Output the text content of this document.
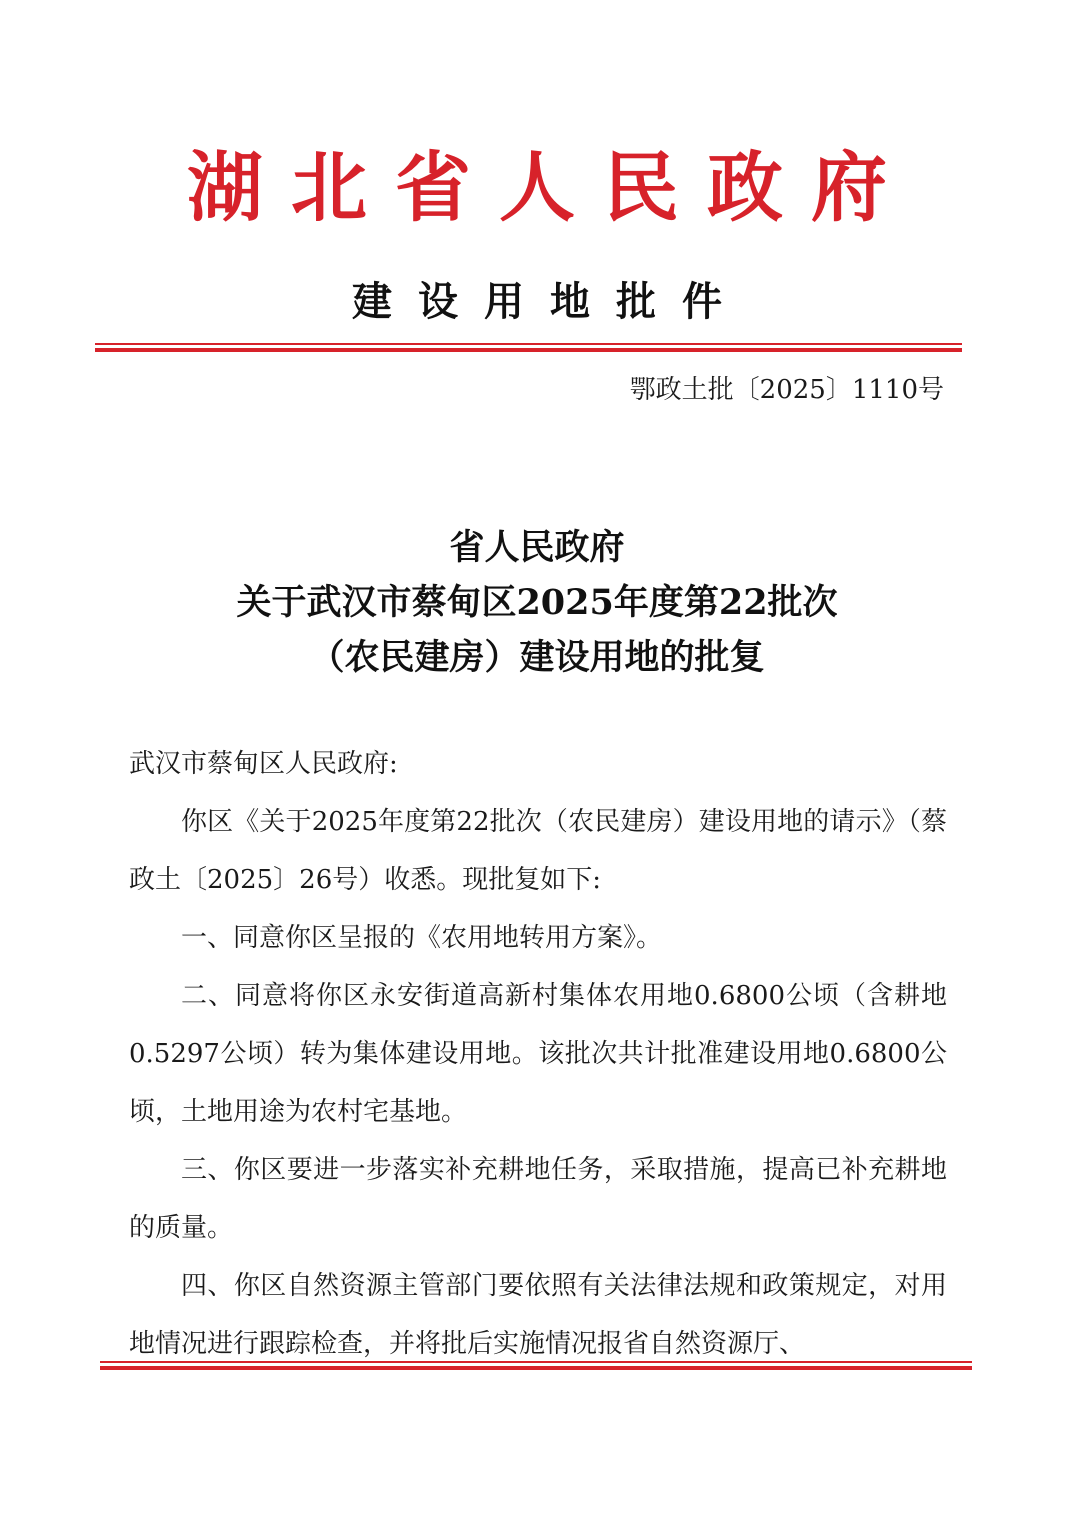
湖北省人民政府
建设用地批件
鄂政土批〔2025〕1110号
省人民政府
关于武汉市蔡甸区2025年度第22批次
（农民建房）建设用地的批复

武汉市蔡甸区人民政府:

你区《关于2025年度第22批次（农民建房）建设用地的请示》（蔡政土〔2025〕26号）收悉。现批复如下:

一、同意你区呈报的《农用地转用方案》。

二、同意将你区永安街道高新村集体农用地0.6800公顷（含耕地0.5297公顷）转为集体建设用地。该批次共计批准建设用地0.6800公顷，土地用途为农村宅基地。

三、你区要进一步落实补充耕地任务，采取措施，提高已补充耕地的质量。

四、你区自然资源主管部门要依照有关法律法规和政策规定，对用地情况进行跟踪检查，并将批后实施情况报省自然资源厅、
